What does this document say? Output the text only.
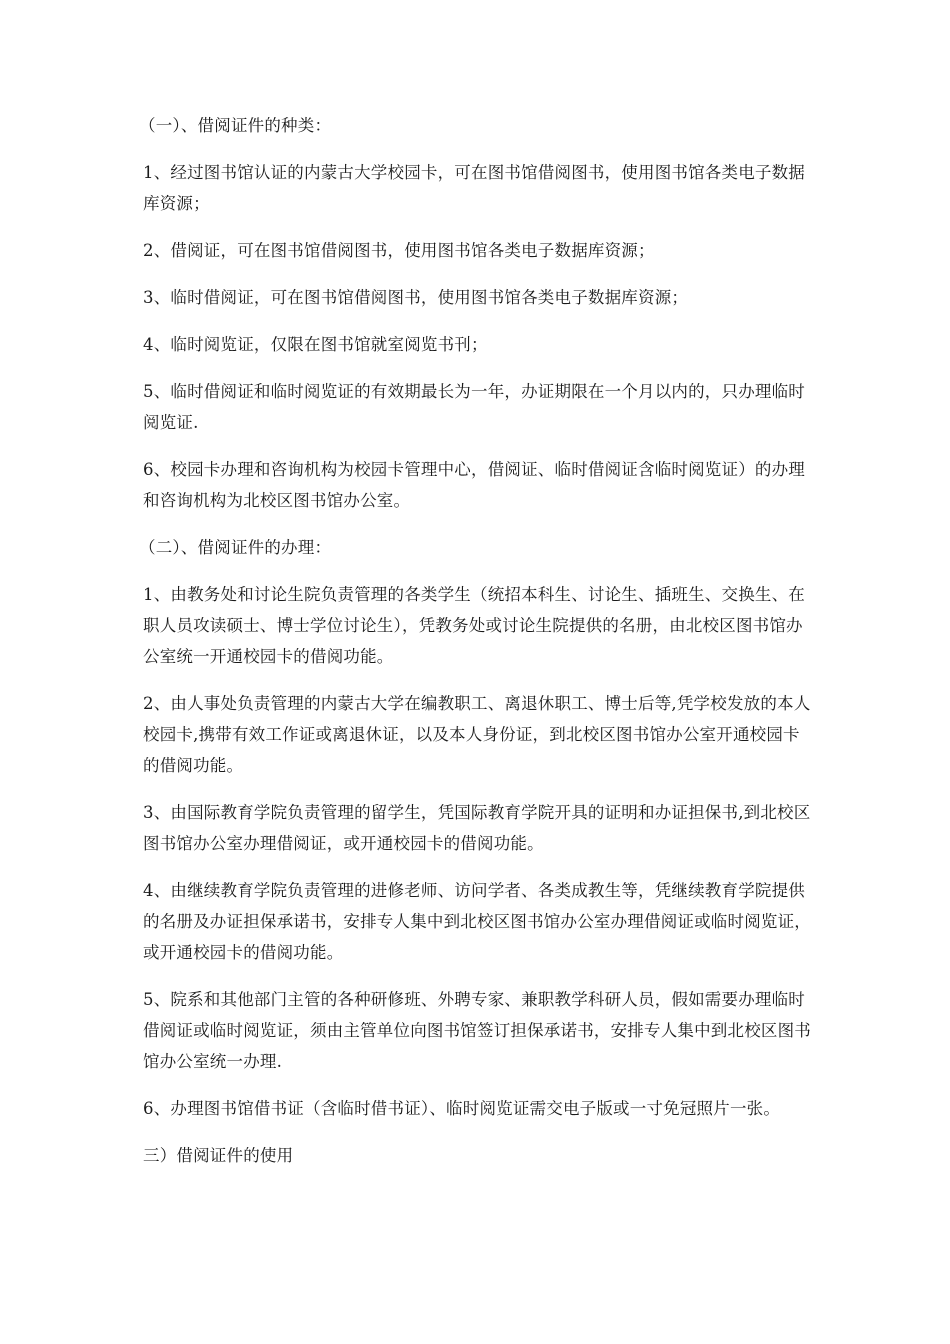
（一）、借阅证件的种类：

1、经过图书馆认证的内蒙古大学校园卡，可在图书馆借阅图书，使用图书馆各类电子数据库资源；

2、借阅证，可在图书馆借阅图书，使用图书馆各类电子数据库资源；

3、临时借阅证，可在图书馆借阅图书，使用图书馆各类电子数据库资源；

4、临时阅览证，仅限在图书馆就室阅览书刊；

5、临时借阅证和临时阅览证的有效期最长为一年，办证期限在一个月以内的，只办理临时阅览证.

6、校园卡办理和咨询机构为校园卡管理中心，借阅证、临时借阅证含临时阅览证）的办理和咨询机构为北校区图书馆办公室。

（二）、借阅证件的办理：

1、由教务处和讨论生院负责管理的各类学生（统招本科生、讨论生、插班生、交换生、在职人员攻读硕士、博士学位讨论生），凭教务处或讨论生院提供的名册，由北校区图书馆办公室统一开通校园卡的借阅功能。

2、由人事处负责管理的内蒙古大学在编教职工、离退休职工、博士后等,凭学校发放的本人校园卡,携带有效工作证或离退休证，以及本人身份证，到北校区图书馆办公室开通校园卡的借阅功能。

3、由国际教育学院负责管理的留学生，凭国际教育学院开具的证明和办证担保书,到北校区图书馆办公室办理借阅证，或开通校园卡的借阅功能。

4、由继续教育学院负责管理的进修老师、访问学者、各类成教生等，凭继续教育学院提供的名册及办证担保承诺书，安排专人集中到北校区图书馆办公室办理借阅证或临时阅览证，或开通校园卡的借阅功能。

5、院系和其他部门主管的各种研修班、外聘专家、兼职教学科研人员，假如需要办理临时借阅证或临时阅览证，须由主管单位向图书馆签订担保承诺书，安排专人集中到北校区图书馆办公室统一办理.

6、办理图书馆借书证（含临时借书证）、临时阅览证需交电子版或一寸免冠照片一张。

三）借阅证件的使用
